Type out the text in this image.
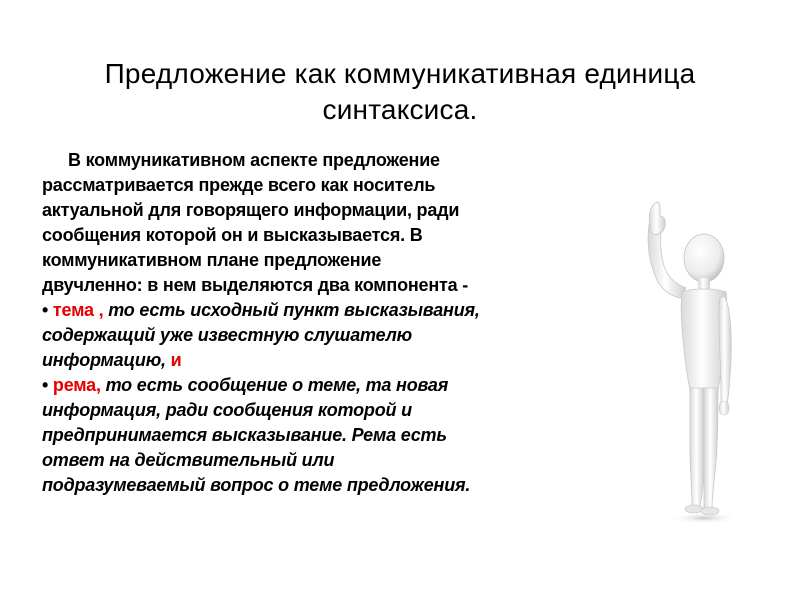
Предложение как коммуникативная единица
синтаксиса.
В коммуникативном аспекте предложение
рассматривается прежде всего как носитель
актуальной для говорящего информации, ради
сообщения которой он и высказывается. В
коммуникативном плане предложение
двучленно: в нем выделяются два компонента -
• тема , то есть исходный пункт высказывания,
содержащий уже известную слушателю
информацию, и
• рема, то есть сообщение о теме, та новая
информация, ради сообщения которой и
предпринимается высказывание. Рема есть
ответ на действительный или
подразумеваемый вопрос о теме предложения.
